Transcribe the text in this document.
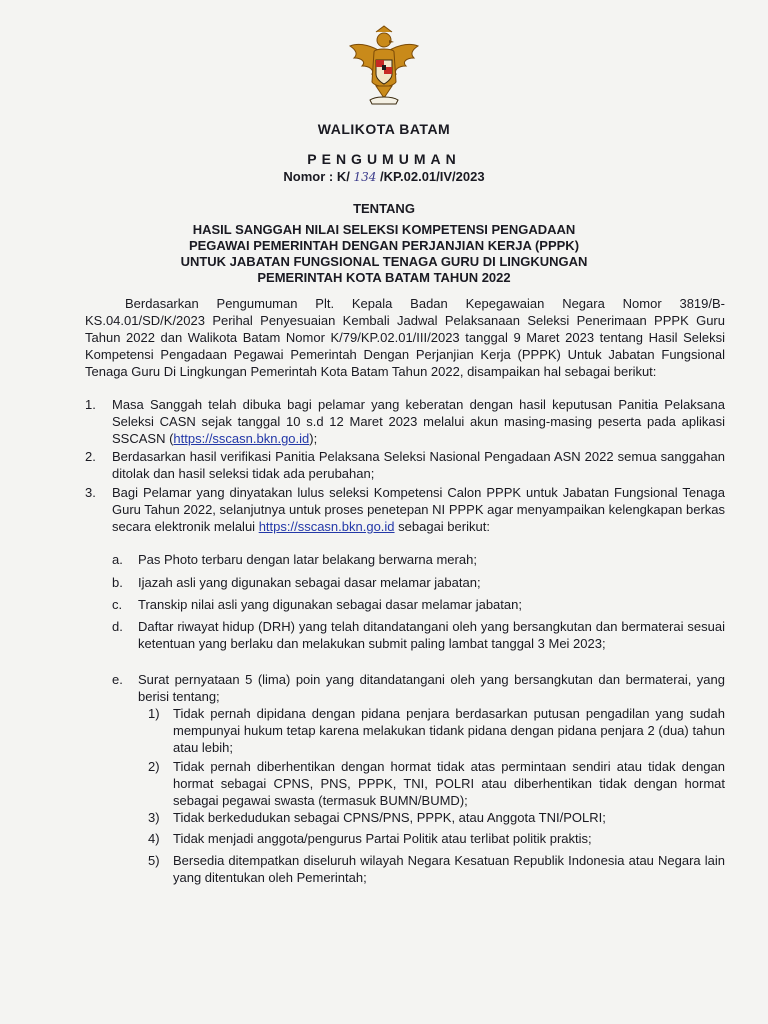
WALIKOTA BATAM
PENGUMUMAN
Nomor : K/ 134 /KP.02.01/IV/2023
TENTANG
HASIL SANGGAH NILAI SELEKSI KOMPETENSI PENGADAAN
PEGAWAI PEMERINTAH DENGAN PERJANJIAN KERJA (PPPK)
UNTUK JABATAN FUNGSIONAL TENAGA GURU DI LINGKUNGAN
PEMERINTAH KOTA BATAM TAHUN 2022
Berdasarkan Pengumuman Plt. Kepala Badan Kepegawaian Negara Nomor 3819/B-KS.04.01/SD/K/2023 Perihal Penyesuaian Kembali Jadwal Pelaksanaan Seleksi Penerimaan PPPK Guru Tahun 2022 dan Walikota Batam Nomor K/79/KP.02.01/III/2023 tanggal 9 Maret 2023 tentang Hasil Seleksi Kompetensi Pengadaan Pegawai Pemerintah Dengan Perjanjian Kerja (PPPK) Untuk Jabatan Fungsional Tenaga Guru Di Lingkungan Pemerintah Kota Batam Tahun 2022, disampaikan hal sebagai berikut:
1. Masa Sanggah telah dibuka bagi pelamar yang keberatan dengan hasil keputusan Panitia Pelaksana Seleksi CASN sejak tanggal 10 s.d 12 Maret 2023 melalui akun masing-masing peserta pada aplikasi SSCASN (https://sscasn.bkn.go.id);
2. Berdasarkan hasil verifikasi Panitia Pelaksana Seleksi Nasional Pengadaan ASN 2022 semua sanggahan ditolak dan hasil seleksi tidak ada perubahan;
3. Bagi Pelamar yang dinyatakan lulus seleksi Kompetensi Calon PPPK untuk Jabatan Fungsional Tenaga Guru Tahun 2022, selanjutnya untuk proses penetepan NI PPPK agar menyampaikan kelengkapan berkas secara elektronik melalui https://sscasn.bkn.go.id sebagai berikut:
a. Pas Photo terbaru dengan latar belakang berwarna merah;
b. Ijazah asli yang digunakan sebagai dasar melamar jabatan;
c. Transkip nilai asli yang digunakan sebagai dasar melamar jabatan;
d. Daftar riwayat hidup (DRH) yang telah ditandatangani oleh yang bersangkutan dan bermaterai sesuai ketentuan yang berlaku dan melakukan submit paling lambat tanggal 3 Mei 2023;
e. Surat pernyataan 5 (lima) poin yang ditandatangani oleh yang bersangkutan dan bermaterai, yang berisi tentang;
1) Tidak pernah dipidana dengan pidana penjara berdasarkan putusan pengadilan yang sudah mempunyai hukum tetap karena melakukan tidank pidana dengan pidana penjara 2 (dua) tahun atau lebih;
2) Tidak pernah diberhentikan dengan hormat tidak atas permintaan sendiri atau tidak dengan hormat sebagai CPNS, PNS, PPPK, TNI, POLRI atau diberhentikan tidak dengan hormat sebagai pegawai swasta (termasuk BUMN/BUMD);
3) Tidak berkedudukan sebagai CPNS/PNS, PPPK, atau Anggota TNI/POLRI;
4) Tidak menjadi anggota/pengurus Partai Politik atau terlibat politik praktis;
5) Bersedia ditempatkan diseluruh wilayah Negara Kesatuan Republik Indonesia atau Negara lain yang ditentukan oleh Pemerintah;
